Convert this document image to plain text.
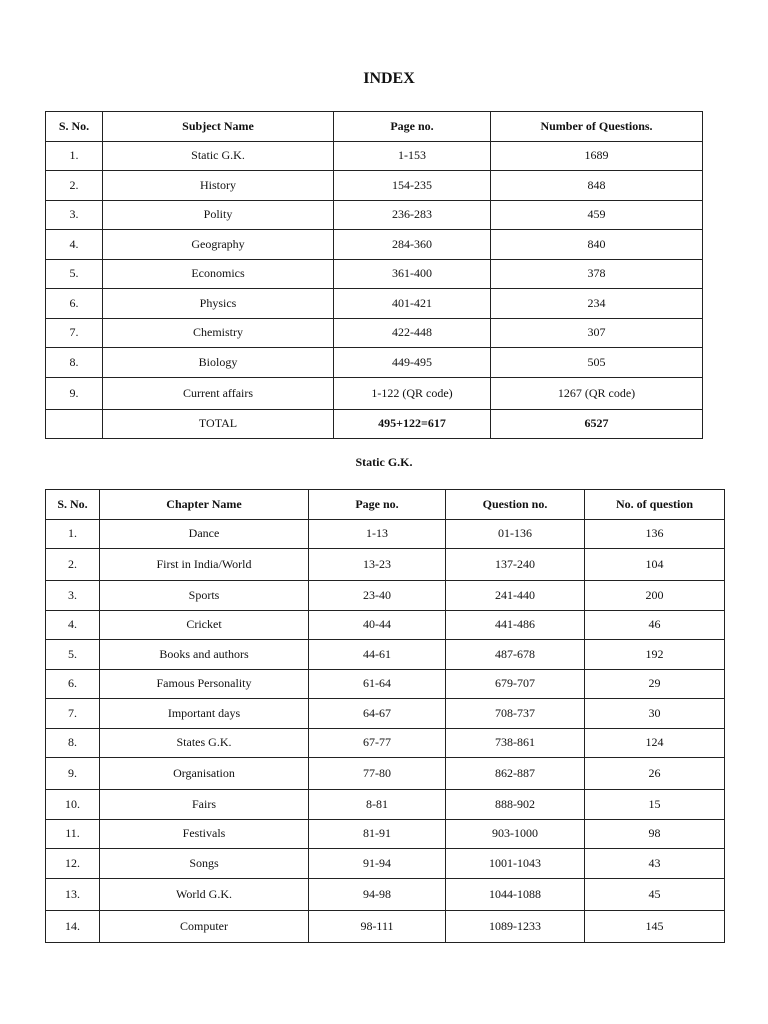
INDEX
S. No.	Subject Name	Page no.	Number of Questions.
1.	Static G.K.	1-153	1689
2.	History	154-235	848
3.	Polity	236-283	459
4.	Geography	284-360	840
5.	Economics	361-400	378
6.	Physics	401-421	234
7.	Chemistry	422-448	307
8.	Biology	449-495	505
9.	Current affairs	1-122 (QR code)	1267 (QR code)
	TOTAL	495+122=617	6527
Static G.K.
S. No.	Chapter Name	Page no.	Question no.	No. of question
1.	Dance	1-13	01-136	136
2.	First in India/World	13-23	137-240	104
3.	Sports	23-40	241-440	200
4.	Cricket	40-44	441-486	46
5.	Books and authors	44-61	487-678	192
6.	Famous Personality	61-64	679-707	29
7.	Important days	64-67	708-737	30
8.	States G.K.	67-77	738-861	124
9.	Organisation	77-80	862-887	26
10.	Fairs	8-81	888-902	15
11.	Festivals	81-91	903-1000	98
12.	Songs	91-94	1001-1043	43
13.	World G.K.	94-98	1044-1088	45
14.	Computer	98-111	1089-1233	145
